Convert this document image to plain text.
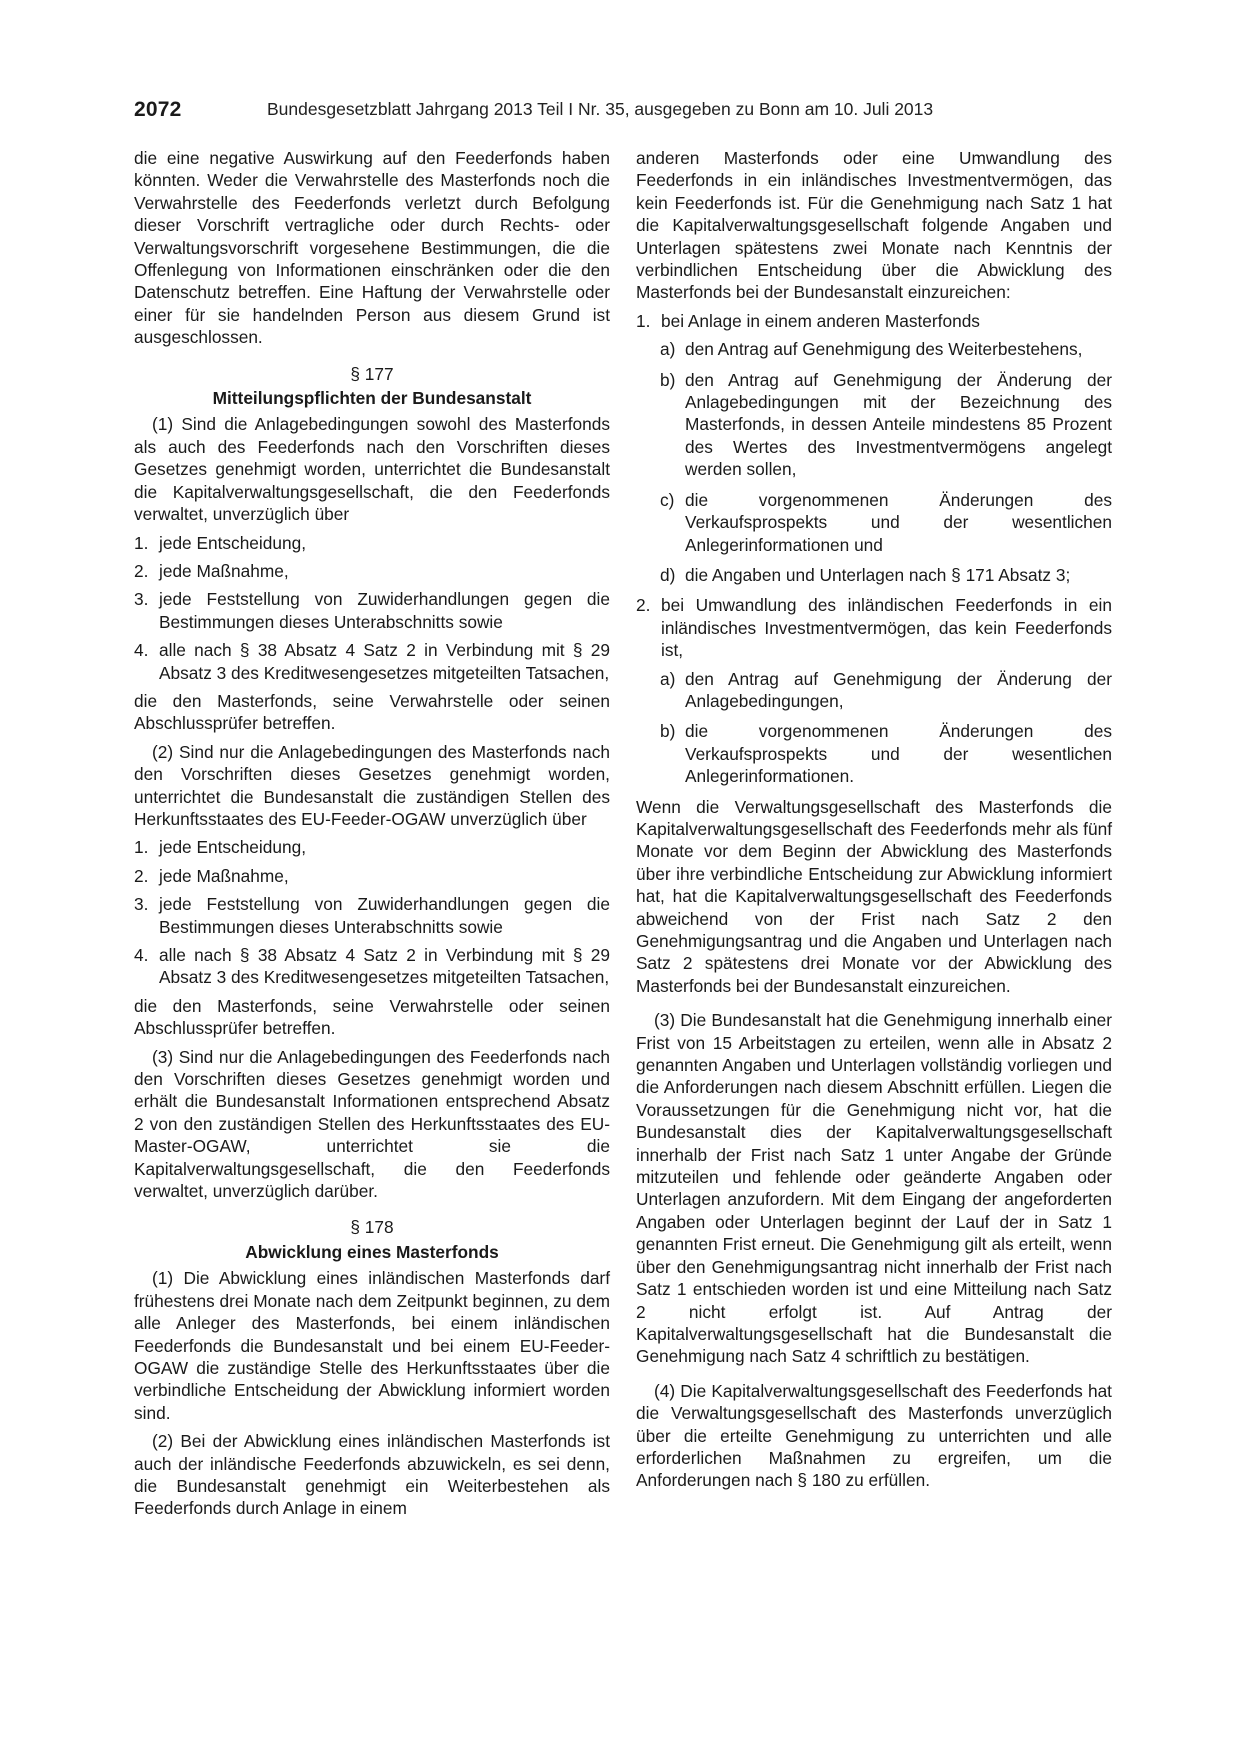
2072	Bundesgesetzblatt Jahrgang 2013 Teil I Nr. 35, ausgegeben zu Bonn am 10. Juli 2013

die eine negative Auswirkung auf den Feederfonds haben könnten. Weder die Verwahrstelle des Masterfonds noch die Verwahrstelle des Feederfonds verletzt durch Befolgung dieser Vorschrift vertragliche oder durch Rechts- oder Verwaltungsvorschrift vorgesehene Bestimmungen, die die Offenlegung von Informationen einschränken oder die den Datenschutz betreffen. Eine Haftung der Verwahrstelle oder einer für sie handelnden Person aus diesem Grund ist ausgeschlossen.

§ 177
Mitteilungspflichten der Bundesanstalt

(1) Sind die Anlagebedingungen sowohl des Masterfonds als auch des Feederfonds nach den Vorschriften dieses Gesetzes genehmigt worden, unterrichtet die Bundesanstalt die Kapitalverwaltungsgesellschaft, die den Feederfonds verwaltet, unverzüglich über

1. jede Entscheidung,
2. jede Maßnahme,
3. jede Feststellung von Zuwiderhandlungen gegen die Bestimmungen dieses Unterabschnitts sowie
4. alle nach § 38 Absatz 4 Satz 2 in Verbindung mit § 29 Absatz 3 des Kreditwesengesetzes mitgeteilten Tatsachen,

die den Masterfonds, seine Verwahrstelle oder seinen Abschlussprüfer betreffen.

(2) Sind nur die Anlagebedingungen des Masterfonds nach den Vorschriften dieses Gesetzes genehmigt worden, unterrichtet die Bundesanstalt die zuständigen Stellen des Herkunftsstaates des EU-Feeder-OGAW unverzüglich über

1. jede Entscheidung,
2. jede Maßnahme,
3. jede Feststellung von Zuwiderhandlungen gegen die Bestimmungen dieses Unterabschnitts sowie
4. alle nach § 38 Absatz 4 Satz 2 in Verbindung mit § 29 Absatz 3 des Kreditwesengesetzes mitgeteilten Tatsachen,

die den Masterfonds, seine Verwahrstelle oder seinen Abschlussprüfer betreffen.

(3) Sind nur die Anlagebedingungen des Feederfonds nach den Vorschriften dieses Gesetzes genehmigt worden und erhält die Bundesanstalt Informationen entsprechend Absatz 2 von den zuständigen Stellen des Herkunftsstaates des EU-Master-OGAW, unterrichtet sie die Kapitalverwaltungsgesellschaft, die den Feederfonds verwaltet, unverzüglich darüber.

§ 178
Abwicklung eines Masterfonds

(1) Die Abwicklung eines inländischen Masterfonds darf frühestens drei Monate nach dem Zeitpunkt beginnen, zu dem alle Anleger des Masterfonds, bei einem inländischen Feederfonds die Bundesanstalt und bei einem EU-Feeder-OGAW die zuständige Stelle des Herkunftsstaates über die verbindliche Entscheidung der Abwicklung informiert worden sind.

(2) Bei der Abwicklung eines inländischen Masterfonds ist auch der inländische Feederfonds abzuwickeln, es sei denn, die Bundesanstalt genehmigt ein Weiterbestehen als Feederfonds durch Anlage in einem

anderen Masterfonds oder eine Umwandlung des Feederfonds in ein inländisches Investmentvermögen, das kein Feederfonds ist. Für die Genehmigung nach Satz 1 hat die Kapitalverwaltungsgesellschaft folgende Angaben und Unterlagen spätestens zwei Monate nach Kenntnis der verbindlichen Entscheidung über die Abwicklung des Masterfonds bei der Bundesanstalt einzureichen:

1. bei Anlage in einem anderen Masterfonds
a) den Antrag auf Genehmigung des Weiterbestehens,
b) den Antrag auf Genehmigung der Änderung der Anlagebedingungen mit der Bezeichnung des Masterfonds, in dessen Anteile mindestens 85 Prozent des Wertes des Investmentvermögens angelegt werden sollen,
c) die vorgenommenen Änderungen des Verkaufsprospekts und der wesentlichen Anlegerinformationen und
d) die Angaben und Unterlagen nach § 171 Absatz 3;
2. bei Umwandlung des inländischen Feederfonds in ein inländisches Investmentvermögen, das kein Feederfonds ist,
a) den Antrag auf Genehmigung der Änderung der Anlagebedingungen,
b) die vorgenommenen Änderungen des Verkaufsprospekts und der wesentlichen Anlegerinformationen.

Wenn die Verwaltungsgesellschaft des Masterfonds die Kapitalverwaltungsgesellschaft des Feederfonds mehr als fünf Monate vor dem Beginn der Abwicklung des Masterfonds über ihre verbindliche Entscheidung zur Abwicklung informiert hat, hat die Kapitalverwaltungsgesellschaft des Feederfonds abweichend von der Frist nach Satz 2 den Genehmigungsantrag und die Angaben und Unterlagen nach Satz 2 spätestens drei Monate vor der Abwicklung des Masterfonds bei der Bundesanstalt einzureichen.

(3) Die Bundesanstalt hat die Genehmigung innerhalb einer Frist von 15 Arbeitstagen zu erteilen, wenn alle in Absatz 2 genannten Angaben und Unterlagen vollständig vorliegen und die Anforderungen nach diesem Abschnitt erfüllen. Liegen die Voraussetzungen für die Genehmigung nicht vor, hat die Bundesanstalt dies der Kapitalverwaltungsgesellschaft innerhalb der Frist nach Satz 1 unter Angabe der Gründe mitzuteilen und fehlende oder geänderte Angaben oder Unterlagen anzufordern. Mit dem Eingang der angeforderten Angaben oder Unterlagen beginnt der Lauf der in Satz 1 genannten Frist erneut. Die Genehmigung gilt als erteilt, wenn über den Genehmigungsantrag nicht innerhalb der Frist nach Satz 1 entschieden worden ist und eine Mitteilung nach Satz 2 nicht erfolgt ist. Auf Antrag der Kapitalverwaltungsgesellschaft hat die Bundesanstalt die Genehmigung nach Satz 4 schriftlich zu bestätigen.

(4) Die Kapitalverwaltungsgesellschaft des Feederfonds hat die Verwaltungsgesellschaft des Masterfonds unverzüglich über die erteilte Genehmigung zu unterrichten und alle erforderlichen Maßnahmen zu ergreifen, um die Anforderungen nach § 180 zu erfüllen.
